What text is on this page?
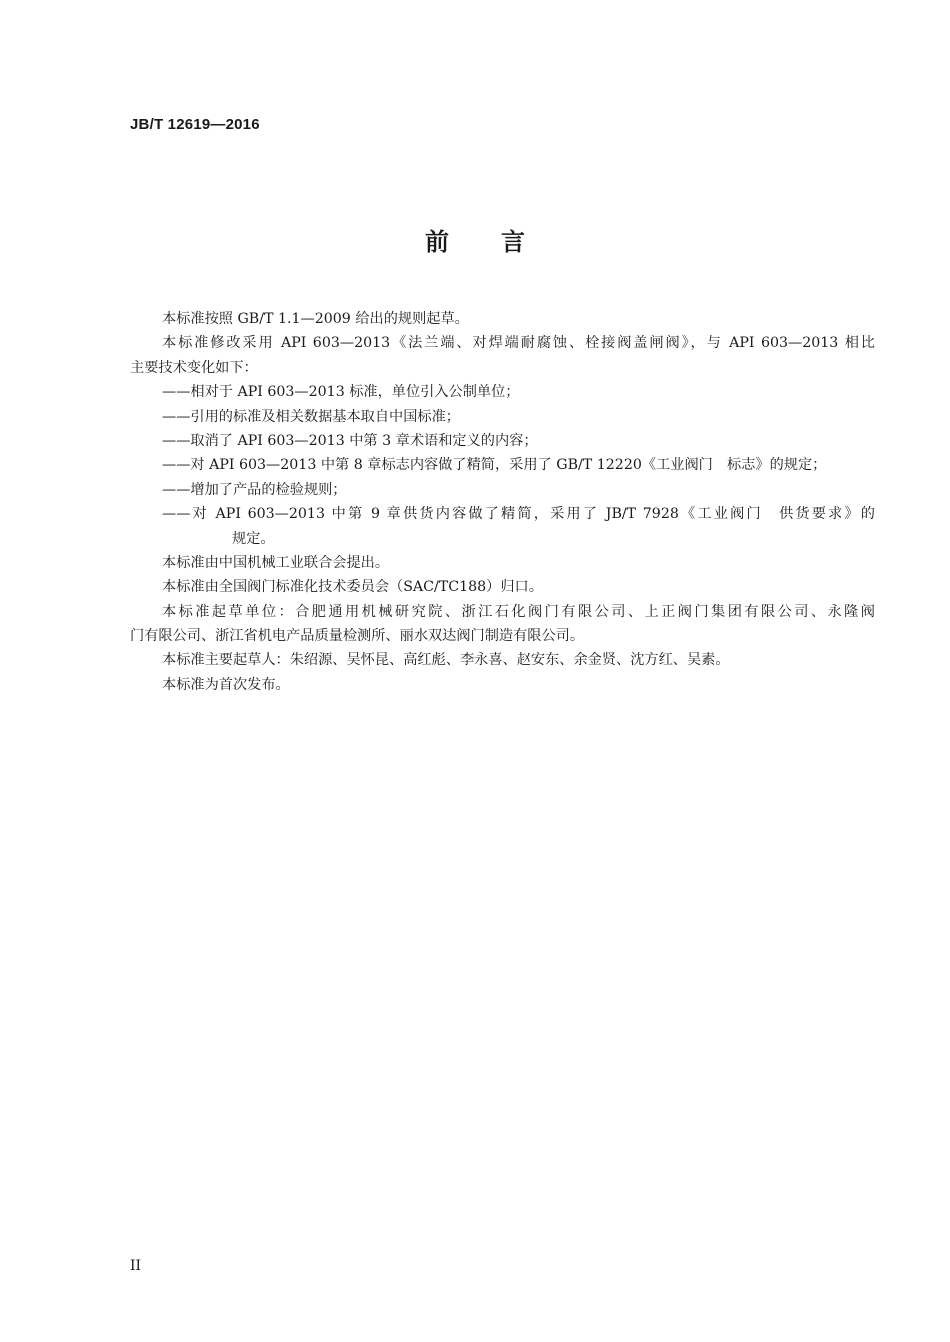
JB/T 12619—2016
前言
本标准按照 GB/T 1.1—2009 给出的规则起草。
本标准修改采用 API 603—2013《法兰端、对焊端耐腐蚀、栓接阀盖闸阀》，与 API 603—2013 相比
主要技术变化如下：
——相对于 API 603—2013 标准，单位引入公制单位；
——引用的标准及相关数据基本取自中国标准；
——取消了 API 603—2013 中第 3 章术语和定义的内容；
——对 API 603—2013 中第 8 章标志内容做了精简，采用了 GB/T 12220《工业阀门　标志》的规定；
——增加了产品的检验规则；
——对 API 603—2013 中第 9 章供货内容做了精简，采用了 JB/T 7928《工业阀门　供货要求》的
规定。
本标准由中国机械工业联合会提出。
本标准由全国阀门标准化技术委员会（SAC/TC188）归口。
本标准起草单位：合肥通用机械研究院、浙江石化阀门有限公司、上正阀门集团有限公司、永隆阀
门有限公司、浙江省机电产品质量检测所、丽水双达阀门制造有限公司。
本标准主要起草人：朱绍源、吴怀昆、高红彪、李永喜、赵安东、余金贤、沈方红、吴素。
本标准为首次发布。
II
